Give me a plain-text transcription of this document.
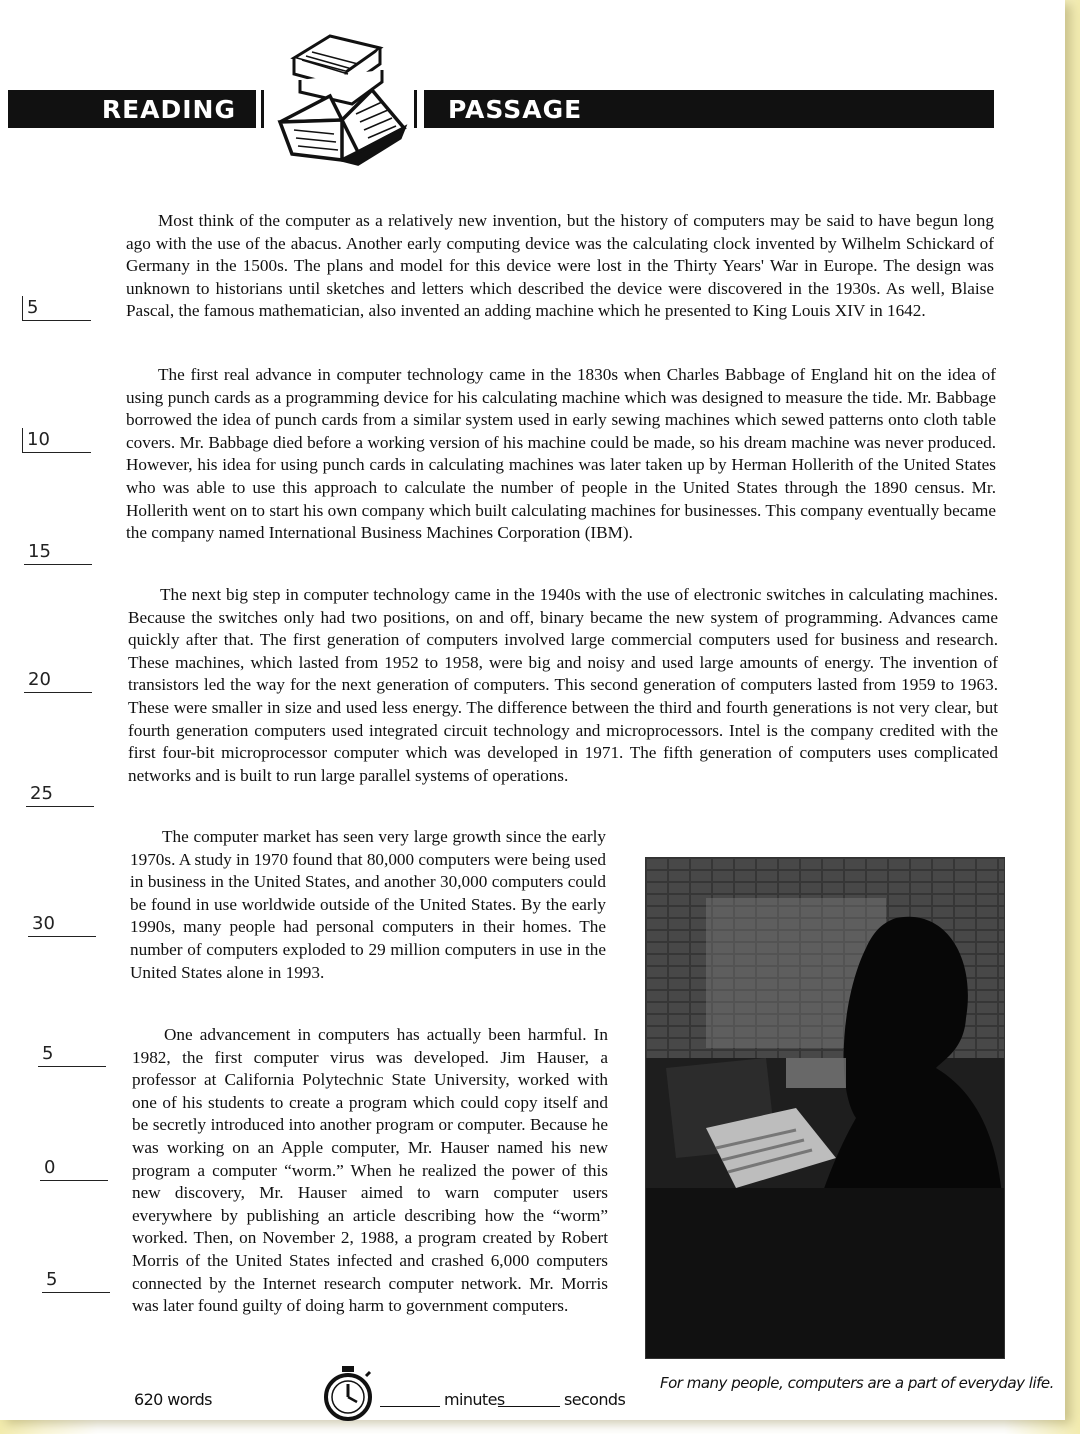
READING	PASSAGE
5
10
15
20
25
30
5
0
5

Most think of the computer as a relatively new invention, but the history of computers may be said to have begun long ago with the use of the abacus. Another early computing device was the calculating clock invented by Wilhelm Schickard of Germany in the 1500s. The plans and model for this device were lost in the Thirty Years' War in Europe. The design was unknown to historians until sketches and letters which described the device were discovered in the 1930s. As well, Blaise Pascal, the famous mathematician, also invented an adding machine which he presented to King Louis XIV in 1642.

The first real advance in computer technology came in the 1830s when Charles Babbage of England hit on the idea of using punch cards as a programming device for his calculating machine which was designed to measure the tide. Mr. Babbage borrowed the idea of punch cards from a similar system used in early sewing machines which sewed patterns onto cloth table covers. Mr. Babbage died before a working version of his machine could be made, so his dream machine was never produced. However, his idea for using punch cards in calculating machines was later taken up by Herman Hollerith of the United States who was able to use this approach to calculate the number of people in the United States through the 1890 census. Mr. Hollerith went on to start his own company which built calculating machines for businesses. This company eventually became the company named International Business Machines Corporation (IBM).

The next big step in computer technology came in the 1940s with the use of electronic switches in calculating machines. Because the switches only had two positions, on and off, binary became the new system of programming. Advances came quickly after that. The first generation of computers involved large commercial computers used for business and research. These machines, which lasted from 1952 to 1958, were big and noisy and used large amounts of energy. The invention of transistors led the way for the next generation of computers. This second generation of computers lasted from 1959 to 1963. These were smaller in size and used less energy. The difference between the third and fourth generations is not very clear, but fourth generation computers used integrated circuit technology and microprocessors. Intel is the company credited with the first four-bit microprocessor computer which was developed in 1971. The fifth generation of computers uses complicated networks and is built to run large parallel systems of operations.

The computer market has seen very large growth since the early 1970s. A study in 1970 found that 80,000 computers were being used in business in the United States, and another 30,000 computers could be found in use worldwide outside of the United States. By the early 1990s, many people had personal computers in their homes. The number of computers exploded to 29 million computers in use in the United States alone in 1993.

One advancement in computers has actually been harmful. In 1982, the first computer virus was developed. Jim Hauser, a professor at California Polytechnic State University, worked with one of his students to create a program which could copy itself and be secretly introduced into another program or computer. Because he was working on an Apple computer, Mr. Hauser named his new program a computer “worm.” When he realized the power of this new discovery, Mr. Hauser aimed to warn computer users everywhere by publishing an article describing how the “worm” worked. Then, on November 2, 1988, a program created by Robert Morris of the United States infected and crashed 6,000 computers connected by the Internet research computer network. Mr. Morris was later found guilty of doing harm to government computers.

For many people, computers are a part of everyday life.
620 words	minutes	seconds
